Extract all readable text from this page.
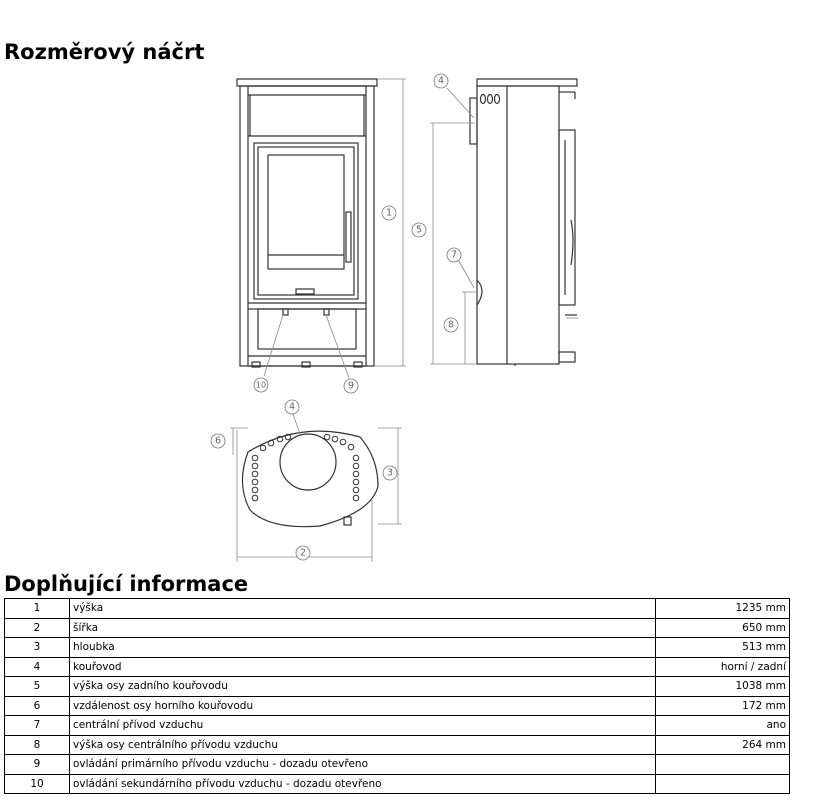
Rozměrový náčrt
1
2
3
4
4
5
6
7
8
9
10
Doplňující informace
1	výška	1235 mm
2	šířka	650 mm
3	hloubka	513 mm
4	kouřovod	horní / zadní
5	výška osy zadního kouřovodu	1038 mm
6	vzdálenost osy horního kouřovodu	172 mm
7	centrální přívod vzduchu	ano
8	výška osy centrálního přívodu vzduchu	264 mm
9	ovládání primárního přívodu vzduchu - dozadu otevřeno	
10	ovládání sekundárního přívodu vzduchu - dozadu otevřeno	
